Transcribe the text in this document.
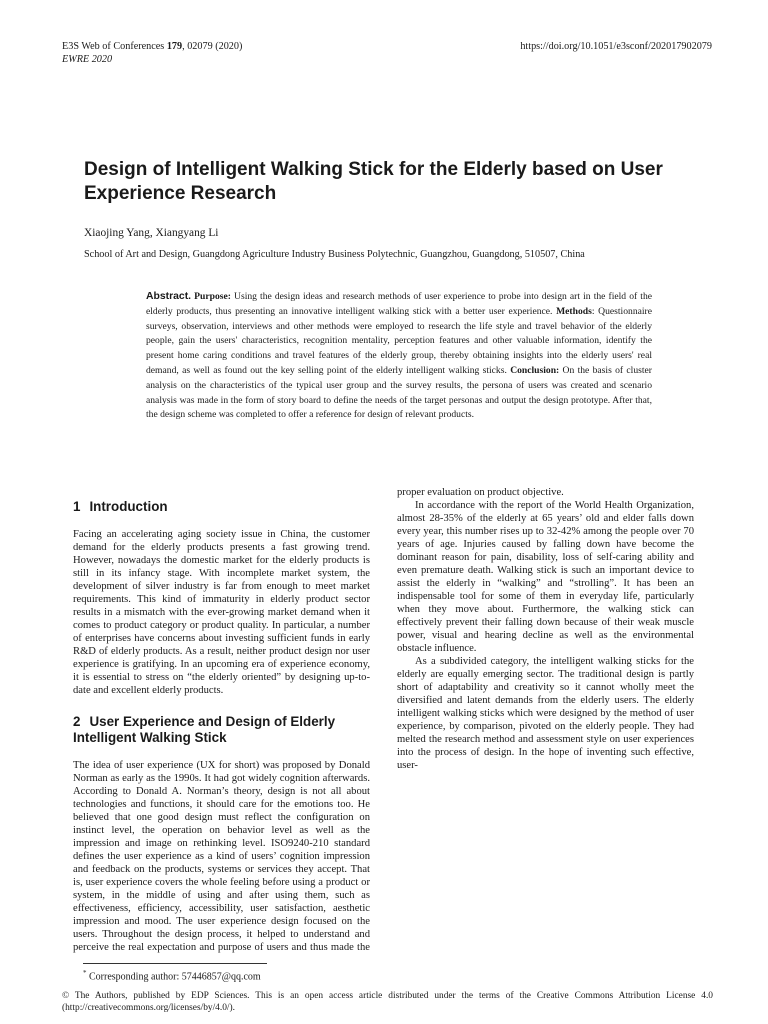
E3S Web of Conferences 179, 02079 (2020)	https://doi.org/10.1051/e3sconf/202017902079
EWRE 2020
Design of Intelligent Walking Stick for the Elderly based on User Experience Research
Xiaojing Yang, Xiangyang Li
School of Art and Design, Guangdong Agriculture Industry Business Polytechnic, Guangzhou, Guangdong, 510507, China

Abstract. Purpose: Using the design ideas and research methods of user experience to probe into design art in the field of the elderly products, thus presenting an innovative intelligent walking stick with a better user experience. Methods: Questionnaire surveys, observation, interviews and other methods were employed to research the life style and travel behavior of the elderly people, gain the users' characteristics, recognition mentality, perception features and other valuable information, identify the present home caring conditions and travel features of the elderly group, thereby obtaining insights into the elderly users' real demand, as well as found out the key selling point of the elderly intelligent walking sticks. Conclusion: On the basis of cluster analysis on the characteristics of the typical user group and the survey results, the persona of users was created and scenario analysis was made in the form of story board to define the needs of the target personas and output the design prototype. After that, the design scheme was completed to offer a reference for design of relevant products.

1 Introduction

Facing an accelerating aging society issue in China, the customer demand for the elderly products presents a fast growing trend. However, nowadays the domestic market for the elderly products is still in its infancy stage. With incomplete market system, the development of silver industry is far from enough to meet market requirements. This kind of immaturity in elderly product sector results in a mismatch with the ever-growing market demand when it comes to product category or product quality. In particular, a number of enterprises have concerns about investing sufficient funds in early R&D of elderly products. As a result, neither product design nor user experience is gratifying. In an upcoming era of experience economy, it is essential to stress on “the elderly oriented” by designing up-to-date and excellent elderly products.

2 User Experience and Design of Elderly Intelligent Walking Stick

The idea of user experience (UX for short) was proposed by Donald Norman as early as the 1990s. It had got widely cognition afterwards. According to Donald A. Norman’s theory, design is not all about technologies and functions, it should care for the emotions too. He believed that one good design must reflect the configuration on instinct level, the operation on behavior level as well as the impression and image on rethinking level. ISO9240-210 standard defines the user experience as a kind of users’ cognition impression and feedback on the products, systems or services they accept. That is, user experience covers the whole feeling before using a product or system, in the middle of using and after using them, such as effectiveness, efficiency, accessibility, user satisfaction, aesthetic impression and mood. The user experience design focused on the users. Throughout the design process, it helped to understand and perceive the real expectation and purpose of users and thus made the

proper evaluation on product objective.

In accordance with the report of the World Health Organization, almost 28-35% of the elderly at 65 years’ old and elder falls down every year, this number rises up to 32-42% among the people over 70 years of age. Injuries caused by falling down have become the dominant reason for pain, disability, loss of self-caring ability and even premature death. Walking stick is such an important device to assist the elderly in “walking” and “strolling”. It has been an indispensable tool for some of them in everyday life, particularly when they move about. Furthermore, the walking stick can effectively prevent their falling down because of their weak muscle power, visual and hearing decline as well as the environmental obstacle influence.

As a subdivided category, the intelligent walking sticks for the elderly are equally emerging sector. The traditional design is partly short of adaptability and creativity so it cannot wholly meet the diversified and latent demands from the elderly users. The elderly intelligent walking sticks which were designed by the method of user experience, by comparison, pivoted on the elderly people. They had melted the research method and assessment style on user experiences into the process of design. In the hope of inventing such effective, user-

* Corresponding author: 57446857@qq.com
© The Authors, published by EDP Sciences. This is an open access article distributed under the terms of the Creative Commons Attribution License 4.0 (http://creativecommons.org/licenses/by/4.0/).
